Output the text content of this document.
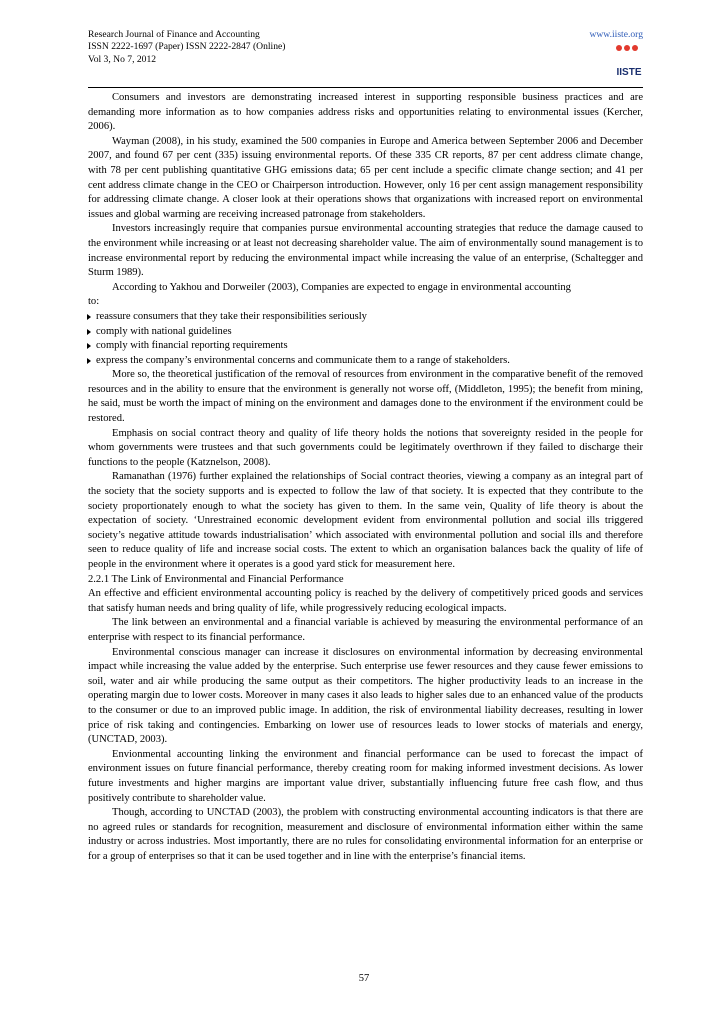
Research Journal of Finance and Accounting
ISSN 2222-1697 (Paper) ISSN 2222-2847 (Online)
Vol 3, No 7, 2012
www.iiste.org
IISTE

Consumers and investors are demonstrating increased interest in supporting responsible business practices and are demanding more information as to how companies address risks and opportunities relating to environmental issues (Kercher, 2006).

Wayman (2008), in his study, examined the 500 companies in Europe and America between September 2006 and December 2007, and found 67 per cent (335) issuing environmental reports. Of these 335 CR reports, 87 per cent address climate change, with 78 per cent publishing quantitative GHG emissions data; 65 per cent include a specific climate change section; and 41 per cent address climate change in the CEO or Chairperson introduction. However, only 16 per cent assign management responsibility for addressing climate change. A closer look at their operations shows that organizations with increased report on environmental issues and global warming are receiving increased patronage from stakeholders.

Investors increasingly require that companies pursue environmental accounting strategies that reduce the damage caused to the environment while increasing or at least not decreasing shareholder value. The aim of environmentally sound management is to increase environmental report by reducing the environmental impact while increasing the value of an enterprise, (Schaltegger and Sturm 1989).

According to Yakhou and Dorweiler (2003), Companies are expected to engage in environmental accounting

to:

reassure consumers that they take their responsibilities seriously
comply with national guidelines
comply with financial reporting requirements
express the company’s environmental concerns and communicate them to a range of stakeholders.

More so, the theoretical justification of the removal of resources from environment in the comparative benefit of the removed resources and in the ability to ensure that the environment is generally not worse off, (Middleton, 1995); the benefit from mining, he said, must be worth the impact of mining on the environment and damages done to the environment if the environment could be restored.

Emphasis on social contract theory and quality of life theory holds the notions that sovereignty resided in the people for whom governments were trustees and that such governments could be legitimately overthrown if they failed to discharge their functions to the people (Katznelson, 2008).

Ramanathan (1976) further explained the relationships of Social contract theories, viewing a company as an integral part of the society that the society supports and is expected to follow the law of that society. It is expected that they contribute to the society proportionately enough to what the society has given to them. In the same vein, Quality of life theory is about the expectation of society. ‘Unrestrained economic development evident from environmental pollution and social ills triggered society’s negative attitude towards industrialisation’ which associated with environmental pollution and social ills and therefore seen to reduce quality of life and increase social costs. The extent to which an organisation balances back the quality of life of people in the environment where it operates is a good yard stick for measurement here.

2.2.1 The Link of Environmental and Financial Performance

An effective and efficient environmental accounting policy is reached by the delivery of competitively priced goods and services that satisfy human needs and bring quality of life, while progressively reducing ecological impacts.

The link between an environmental and a financial variable is achieved by measuring the environmental performance of an enterprise with respect to its financial performance.

Environmental conscious manager can increase it disclosures on environmental information by decreasing environmental impact while increasing the value added by the enterprise. Such enterprise use fewer resources and they cause fewer emissions to soil, water and air while producing the same output as their competitors. The higher productivity leads to an increase in the operating margin due to lower costs. Moreover in many cases it also leads to higher sales due to an enhanced value of the products to the consumer or due to an improved public image. In addition, the risk of environmental liability decreases, resulting in lower price of risk taking and contingencies. Embarking on lower use of resources leads to lower stocks of materials and energy, (UNCTAD, 2003).

Envionmental accounting linking the environment and financial performance can be used to forecast the impact of environment issues on future financial performance, thereby creating room for making informed investment decisions. As lower future investments and higher margins are important value driver, substantially influencing future free cash flow, and thus positively contribute to shareholder value.

Though, according to UNCTAD (2003), the problem with constructing environmental accounting indicators is that there are no agreed rules or standards for recognition, measurement and disclosure of environmental information either within the same industry or across industries. Most importantly, there are no rules for consolidating environmental information for an enterprise or for a group of enterprises so that it can be used together and in line with the enterprise’s financial items.

57
